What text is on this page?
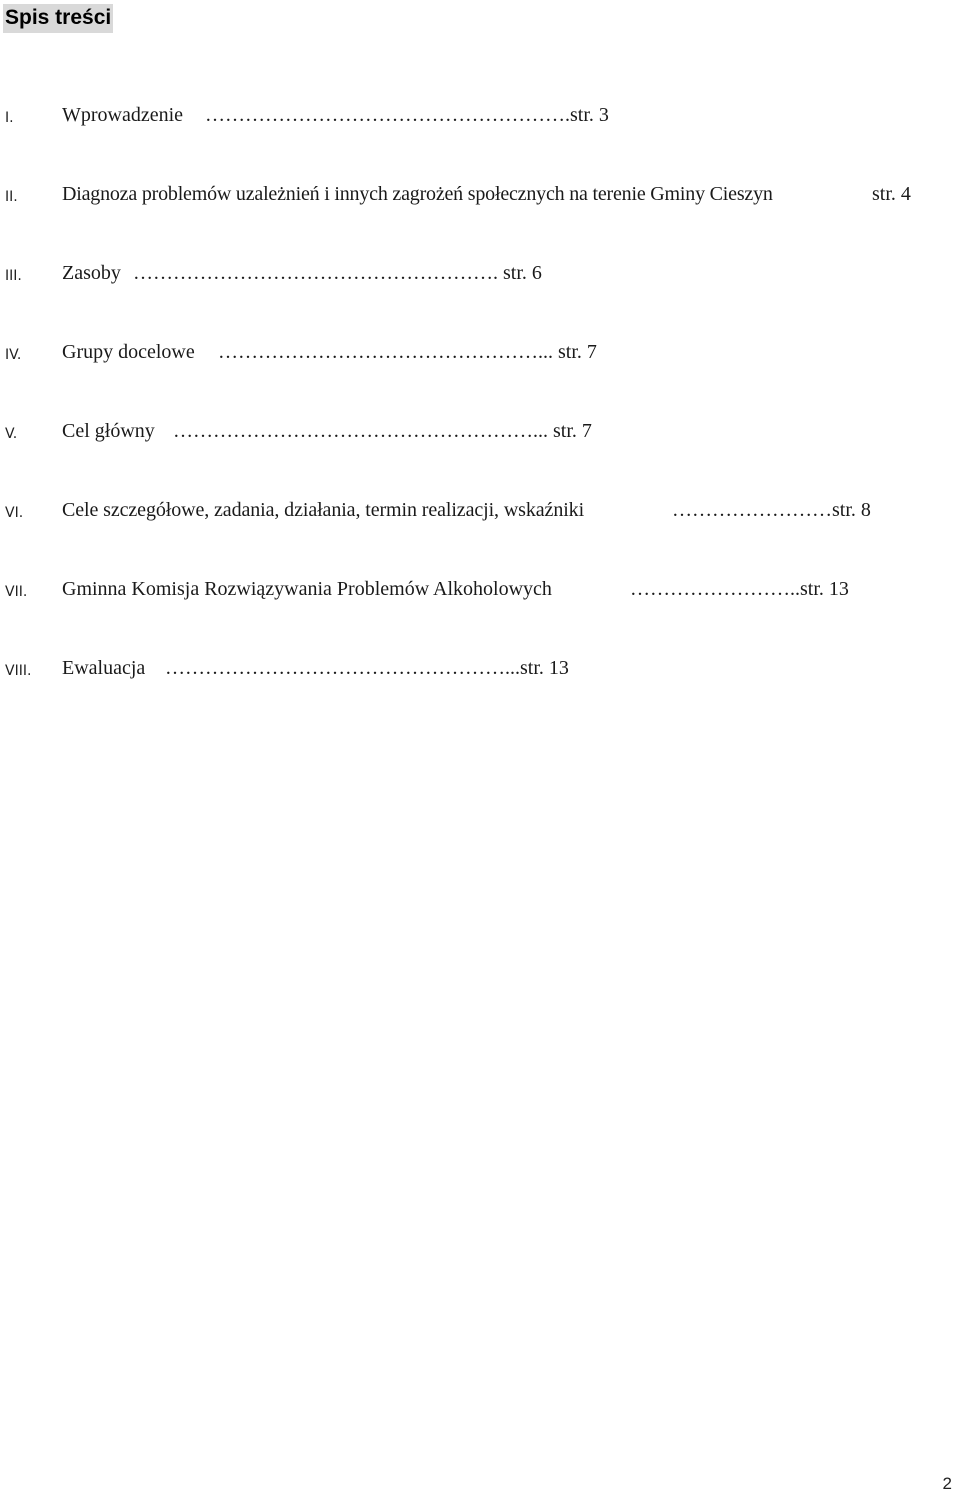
Spis treści
I. Wprowadzenie ……………………………………………….str. 3
II. Diagnoza problemów uzależnień i innych zagrożeń społecznych na terenie Gminy Cieszyn	str. 4
III. Zasoby ………………………………………………. str. 6
IV. Grupy docelowe …………………………………………... str. 7
V. Cel główny ………………………………………………... str. 7
VI. Cele szczegółowe, zadania, działania, termin realizacji, wskaźniki	……………………str. 8
VII. Gminna Komisja Rozwiązywania Problemów Alkoholowych	……………………..str. 13
VIII. Ewaluacja ……………………………………………...str. 13
2
